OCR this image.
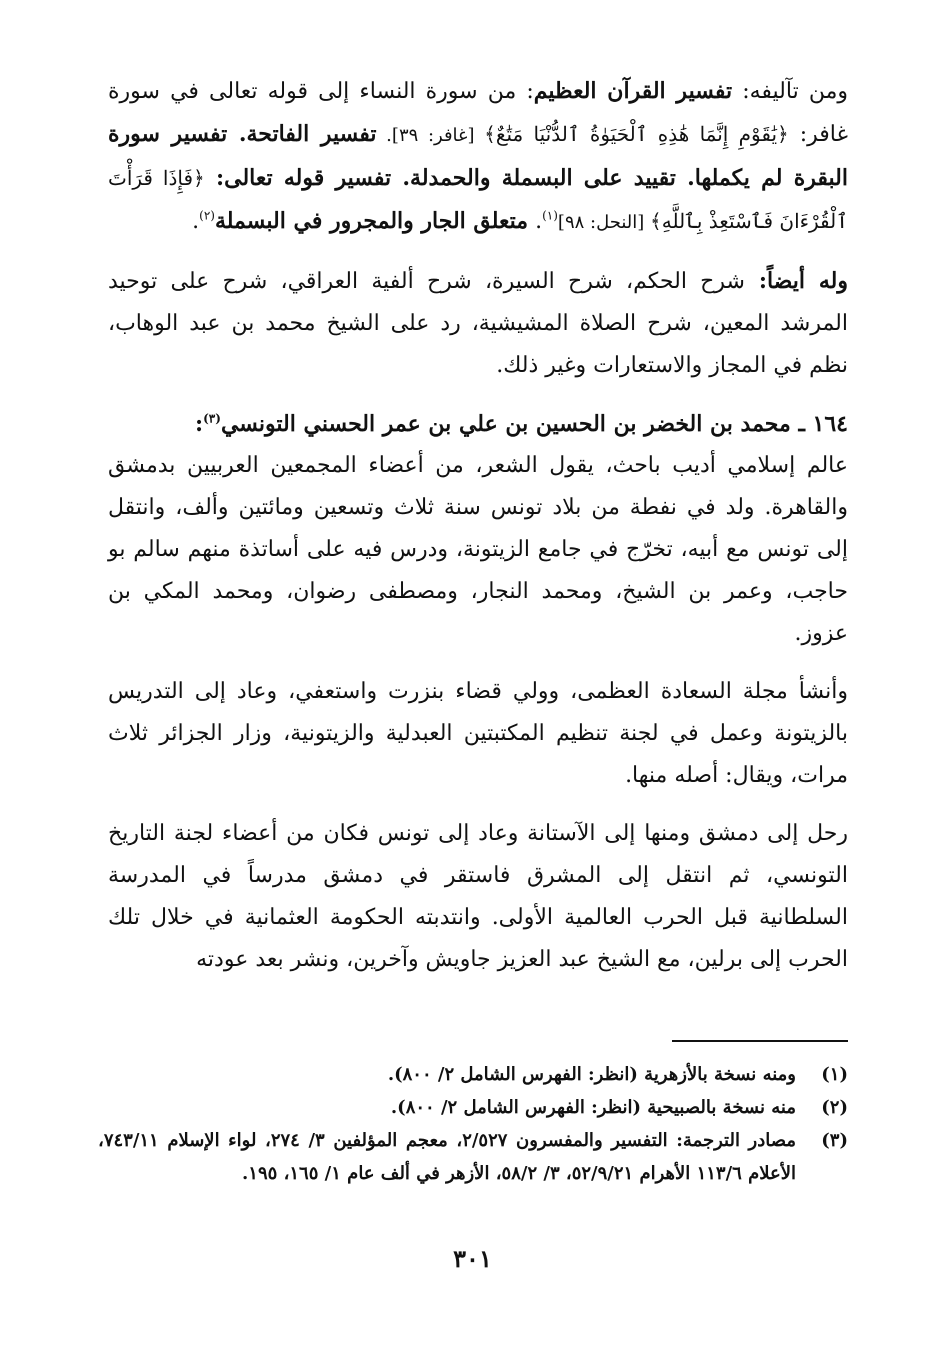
ومن تآليفه: تفسير القرآن العظيم: من سورة النساء إلى قوله تعالى في سورة غافر: ﴿يَٰقَوْمِ إِنَّمَا هَٰذِهِ ٱلْحَيَوٰةُ ٱلدُّنْيَا مَتَٰعٌ﴾ [غافر: ٣٩]. تفسير الفاتحة. تفسير سورة البقرة لم يكملها. تقييد على البسملة والحمدلة. تفسير قوله تعالى: ﴿فَإِذَا قَرَأْتَ ٱلْقُرْءَانَ فَٱسْتَعِذْ بِٱللَّهِ﴾ [النحل: ٩٨]$^{(١)}$. متعلق الجار والمجرور في البسملة$^{(٢)}$.

وله أيضاً: شرح الحكم، شرح السيرة، شرح ألفية العراقي، شرح على توحيد المرشد المعين، شرح الصلاة المشيشية، رد على الشيخ محمد بن عبد الوهاب، نظم في المجاز والاستعارات وغير ذلك.

١٦٤ ـ محمد بن الخضر بن الحسين بن علي بن عمر الحسني التونسي$^{(٣)}$:

عالم إسلامي أديب باحث، يقول الشعر، من أعضاء المجمعين العربيين بدمشق والقاهرة. ولد في نفطة من بلاد تونس سنة ثلاث وتسعين ومائتين وألف، وانتقل إلى تونس مع أبيه، تخرّج في جامع الزيتونة، ودرس فيه على أساتذة منهم سالم بو حاجب، وعمر بن الشيخ، ومحمد النجار، ومصطفى رضوان، ومحمد المكي بن عزوز.

وأنشأ مجلة السعادة العظمى، وولي قضاء بنزرت واستعفي، وعاد إلى التدريس بالزيتونة وعمل في لجنة تنظيم المكتبتين العبدلية والزيتونية، وزار الجزائر ثلاث مرات، ويقال: أصله منها.

رحل إلى دمشق ومنها إلى الآستانة وعاد إلى تونس فكان من أعضاء لجنة التاريخ التونسي، ثم انتقل إلى المشرق فاستقر في دمشق مدرساً في المدرسة السلطانية قبل الحرب العالمية الأولى. وانتدبته الحكومة العثمانية في خلال تلك الحرب إلى برلين، مع الشيخ عبد العزيز جاويش وآخرين، ونشر بعد عودته

(١)
ومنه نسخة بالأزهرية (انظر: الفهرس الشامل ٢/ ٨٠٠).
(٢)
منه نسخة بالصبيحية (انظر: الفهرس الشامل ٢/ ٨٠٠).
(٣)
مصادر الترجمة: التفسير والمفسرون ٢/٥٢٧، معجم المؤلفين ٣/ ٢٧٤، لواء الإسلام ٧٤٣/١١، الأعلام ١١٣/٦ الأهرام ٥٢/٩/٢١، ٣/ ٥٨/٢، الأزهر في ألف عام ١/ ١٦٥، ١٩٥.
٣٠١
